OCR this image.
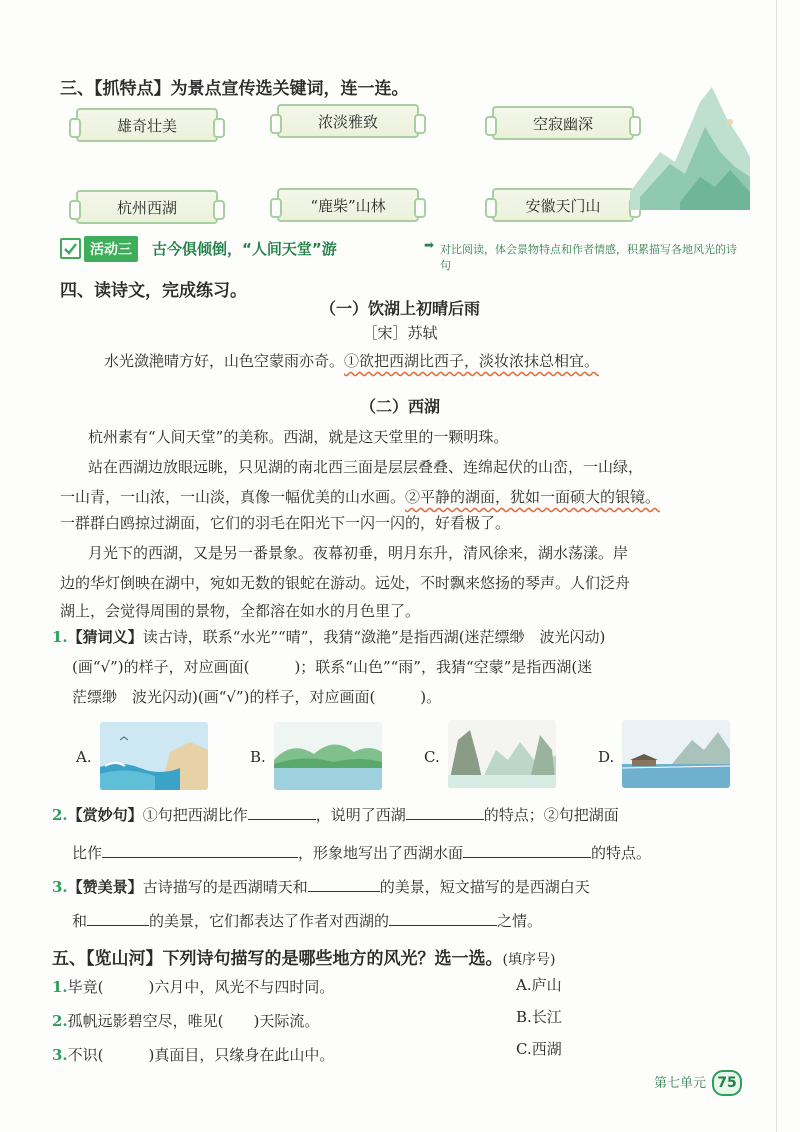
三、【抓特点】为景点宣传选关键词，连一连。
雄奇壮美	浓淡雅致	空寂幽深
杭州西湖	“鹿柴”山林	安徽天门山
活动三	古今俱倾倒，“人间天堂”游	➡ 对比阅读，体会景物特点和作者情感，积累描写各地风光的诗句
四、读诗文，完成练习。
（一）饮湖上初晴后雨
［宋］苏轼
水光潋滟晴方好，山色空蒙雨亦奇。①欲把西湖比西子，淡妆浓抹总相宜。
（二）西湖
杭州素有“人间天堂”的美称。西湖，就是这天堂里的一颗明珠。
站在西湖边放眼远眺，只见湖的南北西三面是层层叠叠、连绵起伏的山峦，一山绿，
一山青，一山浓，一山淡，真像一幅优美的山水画。②平静的湖面，犹如一面硕大的银镜。
一群群白鸥掠过湖面，它们的羽毛在阳光下一闪一闪的，好看极了。
月光下的西湖，又是另一番景象。夜幕初垂，明月东升，清风徐来，湖水荡漾。岸
边的华灯倒映在湖中，宛如无数的银蛇在游动。远处，不时飘来悠扬的琴声。人们泛舟
湖上，会觉得周围的景物，全都溶在如水的月色里了。
1.【猜词义】读古诗，联系“水光”“晴”，我猜“潋滟”是指西湖(迷茫缥缈　波光闪动)
(画“√”)的样子，对应画面(　　　)；联系“山色”“雨”，我猜“空蒙”是指西湖(迷
茫缥缈　波光闪动)(画“√”)的样子，对应画面(　　　)。
A.	B.	C.	D.
2.【赏妙句】①句把西湖比作	，说明了西湖	的特点；②句把湖面
比作	，形象地写出了西湖水面	的特点。
3.【赞美景】古诗描写的是西湖晴天和	的美景，短文描写的是西湖白天
和	的美景，它们都表达了作者对西湖的	之情。
五、【览山河】下列诗句描写的是哪些地方的风光？选一选。(填序号)
1.毕竟(　　　)六月中，风光不与四时同。
2.孤帆远影碧空尽，唯见(　　)天际流。
3.不识(　　　)真面目，只缘身在此山中。
A.庐山
B.长江
C.西湖
第七单元 75
